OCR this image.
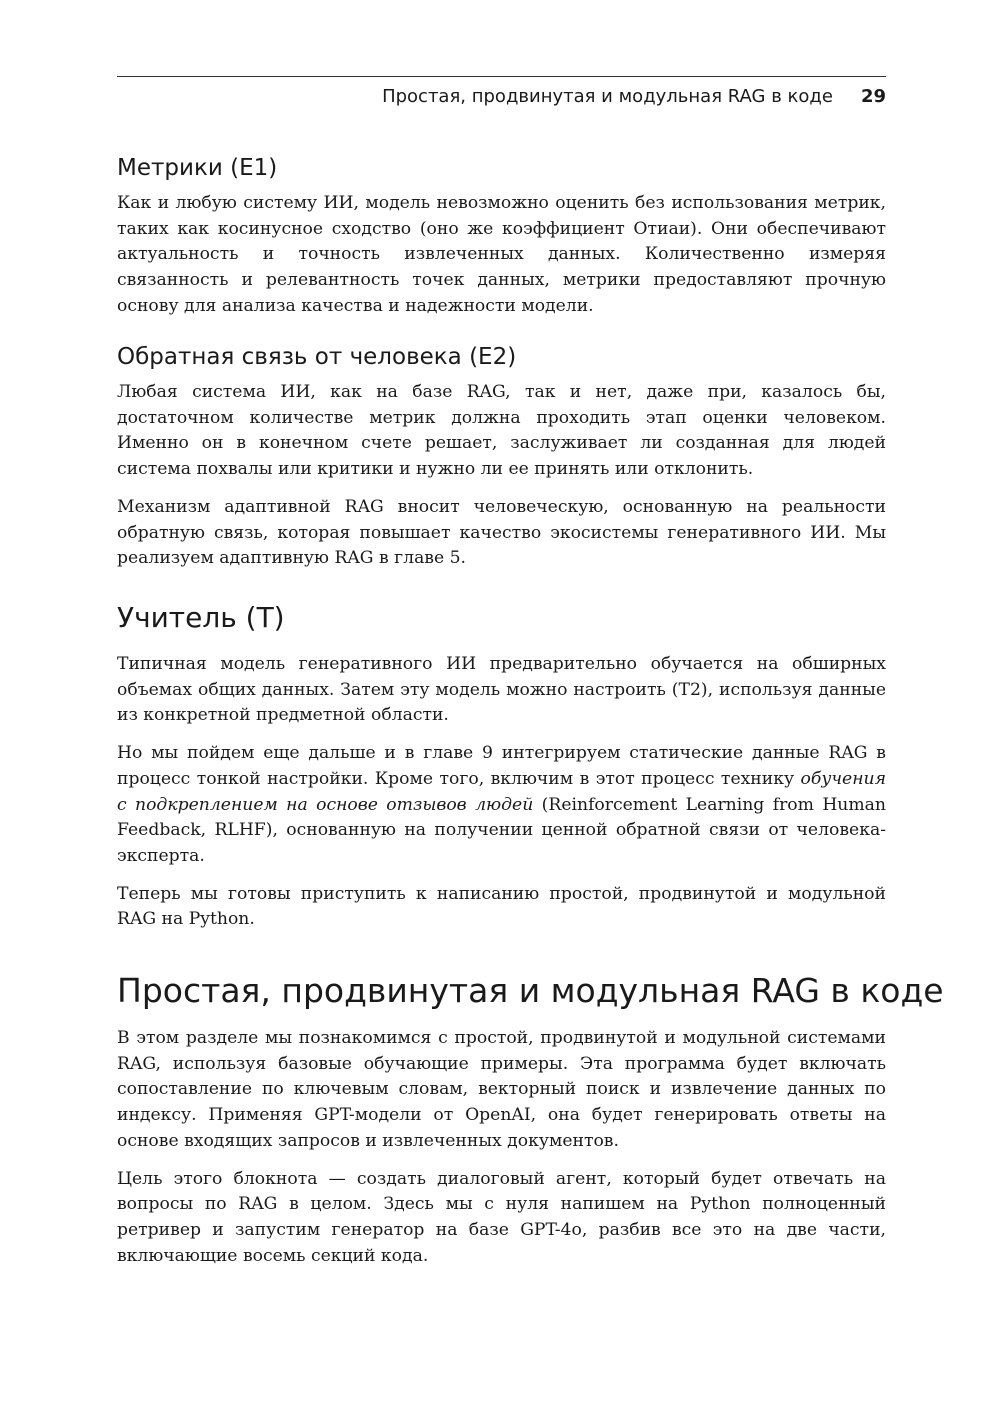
Простая, продвинутая и модульная RAG в коде 29
Метрики (E1)

Как и любую систему ИИ, модель невозможно оценить без использования метрик, таких как косинусное сходство (оно же коэффициент Отиаи). Они обеспечивают актуальность и точность извлеченных данных. Количественно измеряя связанность и релевантность точек данных, метрики предоставляют прочную основу для анализа качества и надежности модели.

Обратная связь от человека (E2)

Любая система ИИ, как на базе RAG, так и нет, даже при, казалось бы, достаточном количестве метрик должна проходить этап оценки человеком. Именно он в конечном счете решает, заслуживает ли созданная для людей система похвалы или критики и нужно ли ее принять или отклонить.

Механизм адаптивной RAG вносит человеческую, основанную на реальности обратную связь, которая повышает качество экосистемы генеративного ИИ. Мы реализуем адаптивную RAG в главе 5.

Учитель (T)

Типичная модель генеративного ИИ предварительно обучается на обширных объемах общих данных. Затем эту модель можно настроить (T2), используя данные из конкретной предметной области.

Но мы пойдем еще дальше и в главе 9 интегрируем статические данные RAG в процесс тонкой настройки. Кроме того, включим в этот процесс технику обучения с подкреплением на основе отзывов людей (Reinforcement Learning from Human Feedback, RLHF), основанную на получении ценной обратной связи от человека-эксперта.

Теперь мы готовы приступить к написанию простой, продвинутой и модульной RAG на Python.

Простая, продвинутая и модульная RAG в коде

В этом разделе мы познакомимся с простой, продвинутой и модульной системами RAG, используя базовые обучающие примеры. Эта программа будет включать сопоставление по ключевым словам, векторный поиск и извлечение данных по индексу. Применяя GPT-модели от OpenAI, она будет генерировать ответы на основе входящих запросов и извлеченных документов.

Цель этого блокнота — создать диалоговый агент, который будет отвечать на вопросы по RAG в целом. Здесь мы с нуля напишем на Python полноценный ретривер и запустим генератор на базе GPT-4o, разбив все это на две части, включающие восемь секций кода.
